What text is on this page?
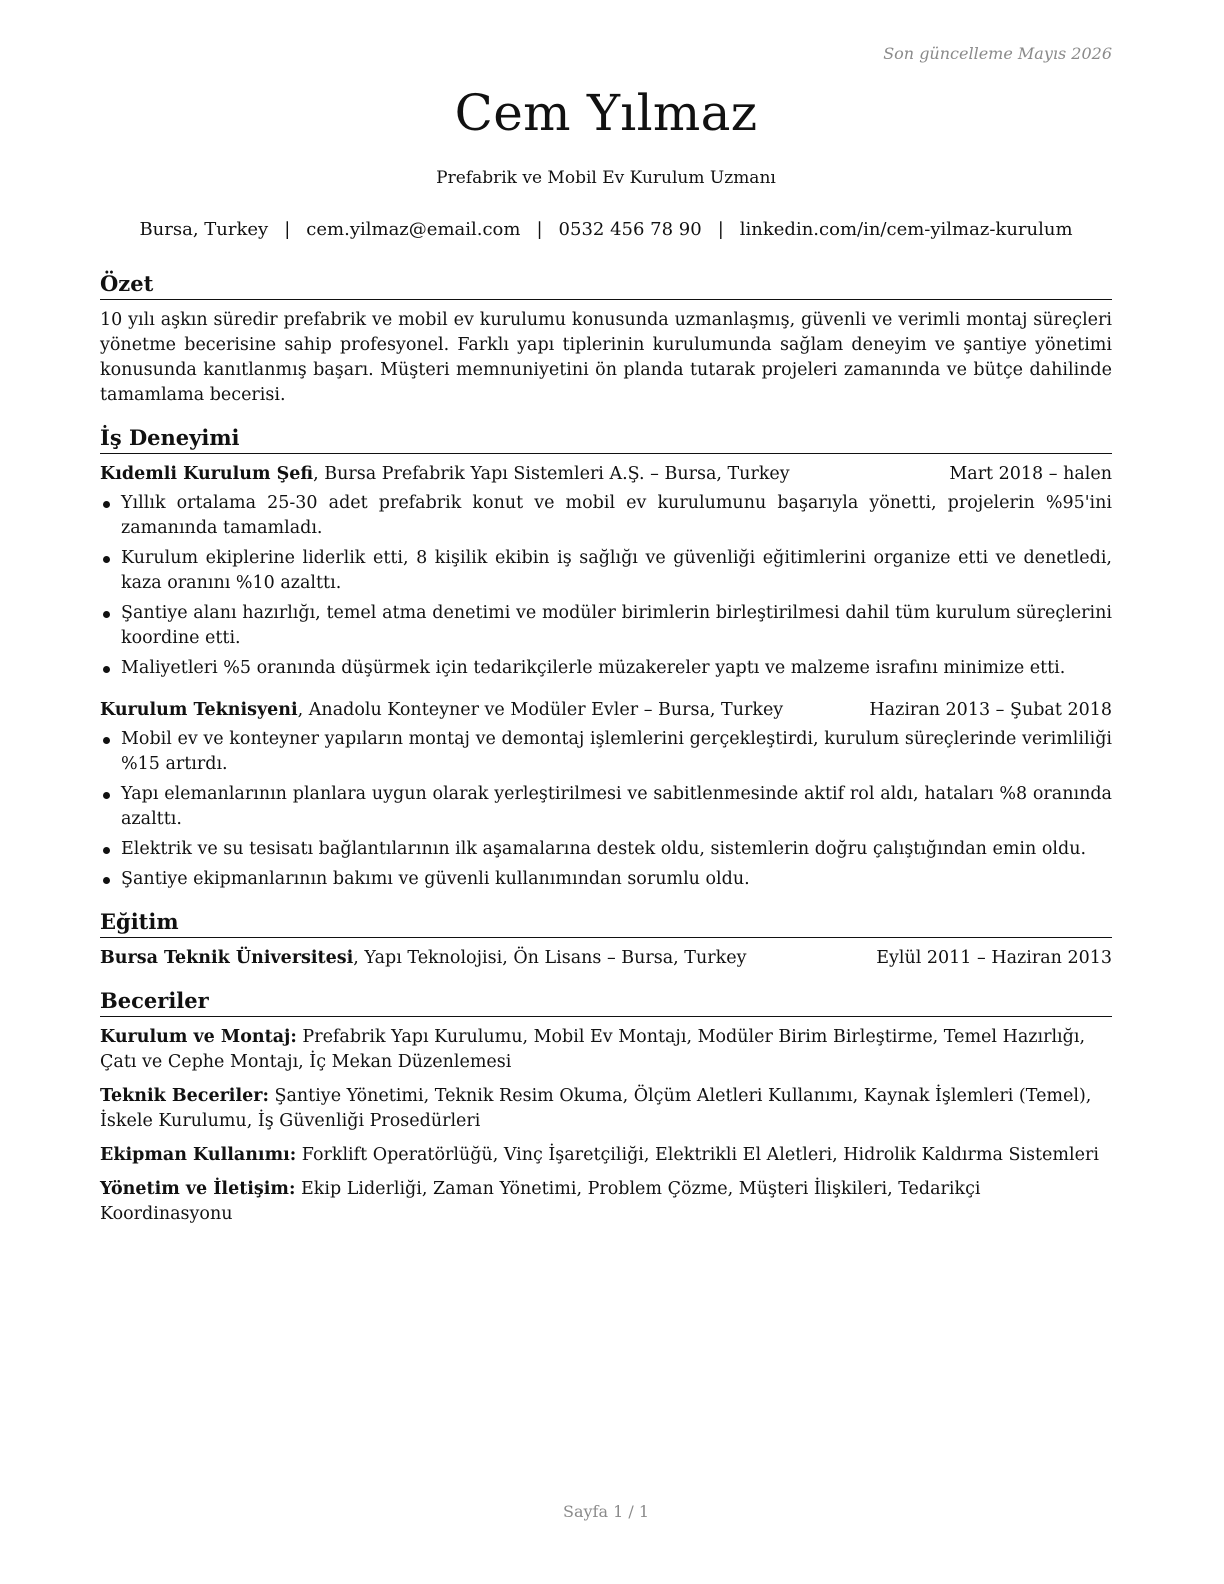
Son güncelleme Mayıs 2026
Cem Yılmaz
Prefabrik ve Mobil Ev Kurulum Uzmanı
Bursa, Turkey | cem.yilmaz@email.com | 0532 456 78 90 | linkedin.com/in/cem-yilmaz-kurulum
Özet

10 yılı aşkın süredir prefabrik ve mobil ev kurulumu konusunda uzmanlaşmış, güvenli ve verimli montaj süreçleri yönetme becerisine sahip profesyonel. Farklı yapı tiplerinin kurulumunda sağlam deneyim ve şantiye yönetimi konusunda kanıtlanmış başarı. Müşteri memnuniyetini ön planda tutarak projeleri zamanında ve bütçe dahilinde tamamlama becerisi.

İş Deneyimi
Kıdemli Kurulum Şefi, Bursa Prefabrik Yapı Sistemleri A.Ş. – Bursa, Turkey	Mart 2018 – halen
Yıllık ortalama 25-30 adet prefabrik konut ve mobil ev kurulumunu başarıyla yönetti, projelerin %95'ini zamanında tamamladı.
Kurulum ekiplerine liderlik etti, 8 kişilik ekibin iş sağlığı ve güvenliği eğitimlerini organize etti ve denetledi, kaza oranını %10 azalttı.
Şantiye alanı hazırlığı, temel atma denetimi ve modüler birimlerin birleştirilmesi dahil tüm kurulum süreçlerini koordine etti.
Maliyetleri %5 oranında düşürmek için tedarikçilerle müzakereler yaptı ve malzeme israfını minimize etti.
Kurulum Teknisyeni, Anadolu Konteyner ve Modüler Evler – Bursa, Turkey	Haziran 2013 – Şubat 2018
Mobil ev ve konteyner yapıların montaj ve demontaj işlemlerini gerçekleştirdi, kurulum süreçlerinde verimliliği %15 artırdı.
Yapı elemanlarının planlara uygun olarak yerleştirilmesi ve sabitlenmesinde aktif rol aldı, hataları %8 oranında azalttı.
Elektrik ve su tesisatı bağlantılarının ilk aşamalarına destek oldu, sistemlerin doğru çalıştığından emin oldu.
Şantiye ekipmanlarının bakımı ve güvenli kullanımından sorumlu oldu.
Eğitim
Bursa Teknik Üniversitesi, Yapı Teknolojisi, Ön Lisans – Bursa, Turkey	Eylül 2011 – Haziran 2013
Beceriler
Kurulum ve Montaj: Prefabrik Yapı Kurulumu, Mobil Ev Montajı, Modüler Birim Birleştirme, Temel Hazırlığı, Çatı ve Cephe Montajı, İç Mekan Düzenlemesi
Teknik Beceriler: Şantiye Yönetimi, Teknik Resim Okuma, Ölçüm Aletleri Kullanımı, Kaynak İşlemleri (Temel), İskele Kurulumu, İş Güvenliği Prosedürleri
Ekipman Kullanımı: Forklift Operatörlüğü, Vinç İşaretçiliği, Elektrikli El Aletleri, Hidrolik Kaldırma Sistemleri
Yönetim ve İletişim: Ekip Liderliği, Zaman Yönetimi, Problem Çözme, Müşteri İlişkileri, Tedarikçi Koordinasyonu
Sayfa 1 / 1
